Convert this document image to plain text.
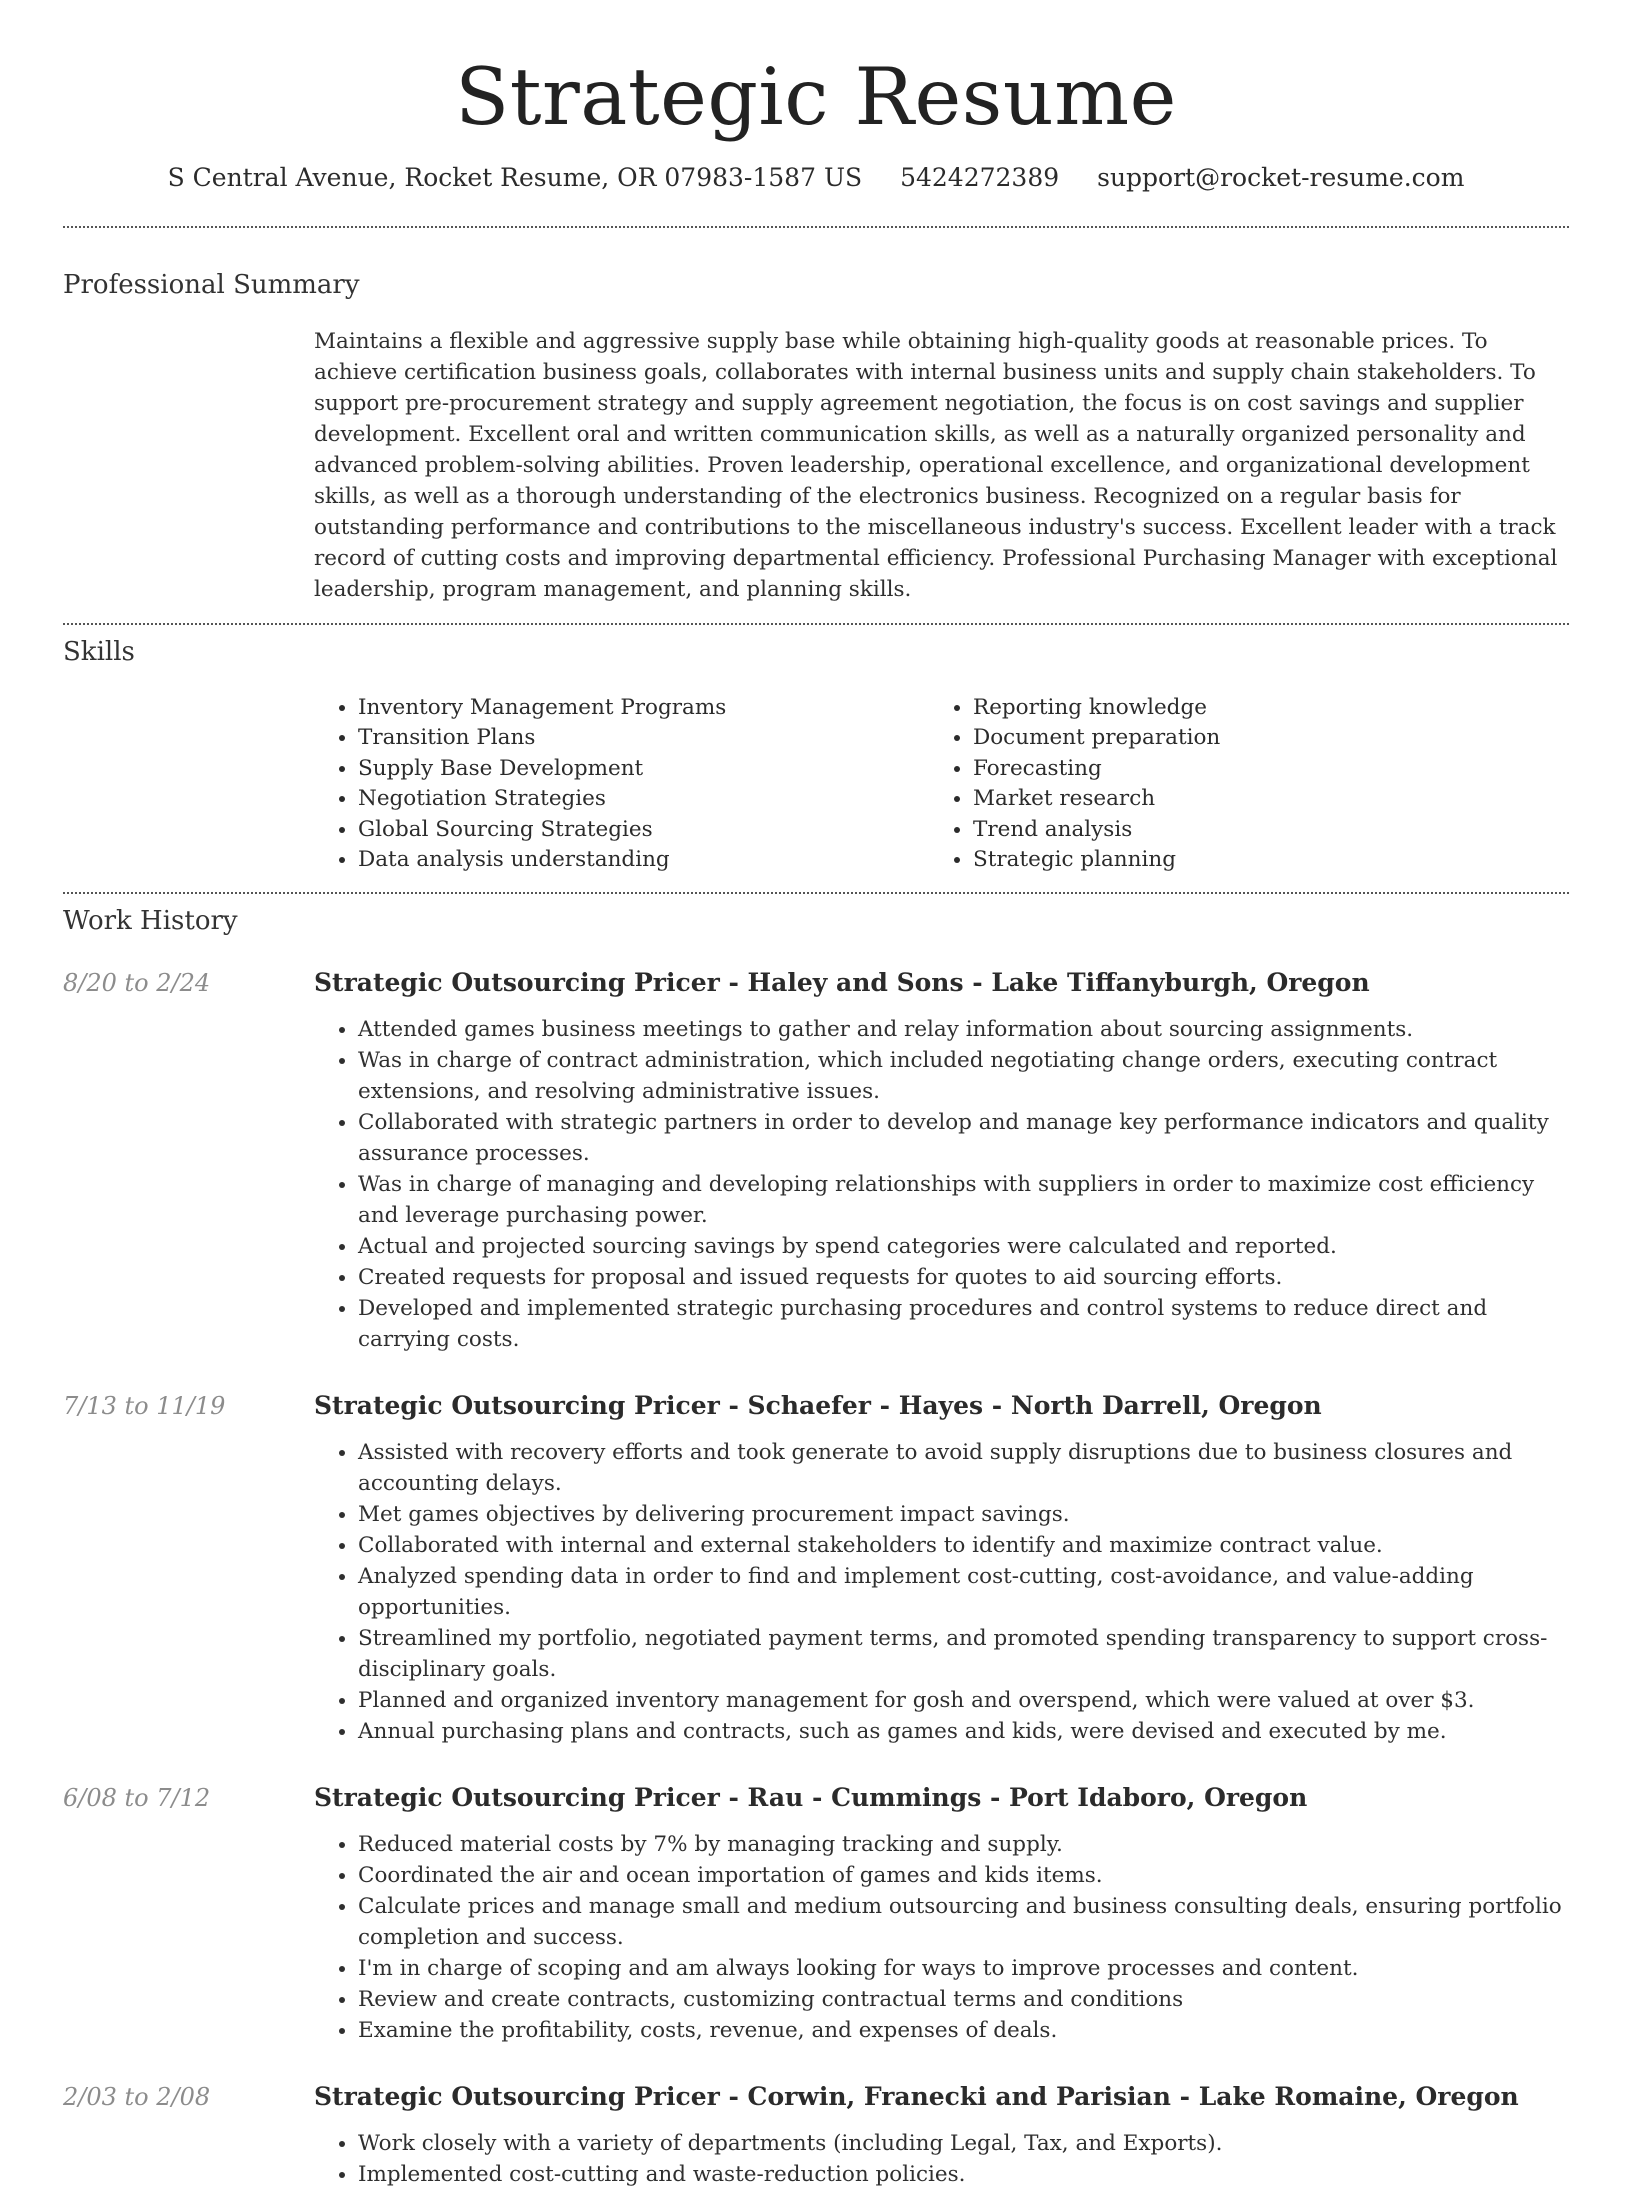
Strategic Resume
S Central Avenue, Rocket Resume, OR 07983-1587 US 5424272389 support@rocket-resume.com
Professional Summary

Maintains a flexible and aggressive supply base while obtaining high-quality goods at reasonable prices. To achieve certification business goals, collaborates with internal business units and supply chain stakeholders. To support pre-procurement strategy and supply agreement negotiation, the focus is on cost savings and supplier development. Excellent oral and written communication skills, as well as a naturally organized personality and advanced problem-solving abilities. Proven leadership, operational excellence, and organizational development skills, as well as a thorough understanding of the electronics business. Recognized on a regular basis for outstanding performance and contributions to the miscellaneous industry's success. Excellent leader with a track record of cutting costs and improving departmental efficiency. Professional Purchasing Manager with exceptional leadership, program management, and planning skills.

Skills
• Inventory Management Programs
• Transition Plans
• Supply Base Development
• Negotiation Strategies
• Global Sourcing Strategies
• Data analysis understanding
• Reporting knowledge
• Document preparation
• Forecasting
• Market research
• Trend analysis
• Strategic planning
Work History
8/20 to 2/24	Strategic Outsourcing Pricer - Haley and Sons - Lake Tiffanyburgh, Oregon
• Attended games business meetings to gather and relay information about sourcing assignments.
• Was in charge of contract administration, which included negotiating change orders, executing contract extensions, and resolving administrative issues.
• Collaborated with strategic partners in order to develop and manage key performance indicators and quality assurance processes.
• Was in charge of managing and developing relationships with suppliers in order to maximize cost efficiency and leverage purchasing power.
• Actual and projected sourcing savings by spend categories were calculated and reported.
• Created requests for proposal and issued requests for quotes to aid sourcing efforts.
• Developed and implemented strategic purchasing procedures and control systems to reduce direct and carrying costs.
7/13 to 11/19	Strategic Outsourcing Pricer - Schaefer - Hayes - North Darrell, Oregon
• Assisted with recovery efforts and took generate to avoid supply disruptions due to business closures and accounting delays.
• Met games objectives by delivering procurement impact savings.
• Collaborated with internal and external stakeholders to identify and maximize contract value.
• Analyzed spending data in order to find and implement cost-cutting, cost-avoidance, and value-adding opportunities.
• Streamlined my portfolio, negotiated payment terms, and promoted spending transparency to support cross-disciplinary goals.
• Planned and organized inventory management for gosh and overspend, which were valued at over $3.
• Annual purchasing plans and contracts, such as games and kids, were devised and executed by me.
6/08 to 7/12	Strategic Outsourcing Pricer - Rau - Cummings - Port Idaboro, Oregon
• Reduced material costs by 7% by managing tracking and supply.
• Coordinated the air and ocean importation of games and kids items.
• Calculate prices and manage small and medium outsourcing and business consulting deals, ensuring portfolio completion and success.
• I'm in charge of scoping and am always looking for ways to improve processes and content.
• Review and create contracts, customizing contractual terms and conditions
• Examine the profitability, costs, revenue, and expenses of deals.
2/03 to 2/08	Strategic Outsourcing Pricer - Corwin, Franecki and Parisian - Lake Romaine, Oregon
• Work closely with a variety of departments (including Legal, Tax, and Exports).
• Implemented cost-cutting and waste-reduction policies.
